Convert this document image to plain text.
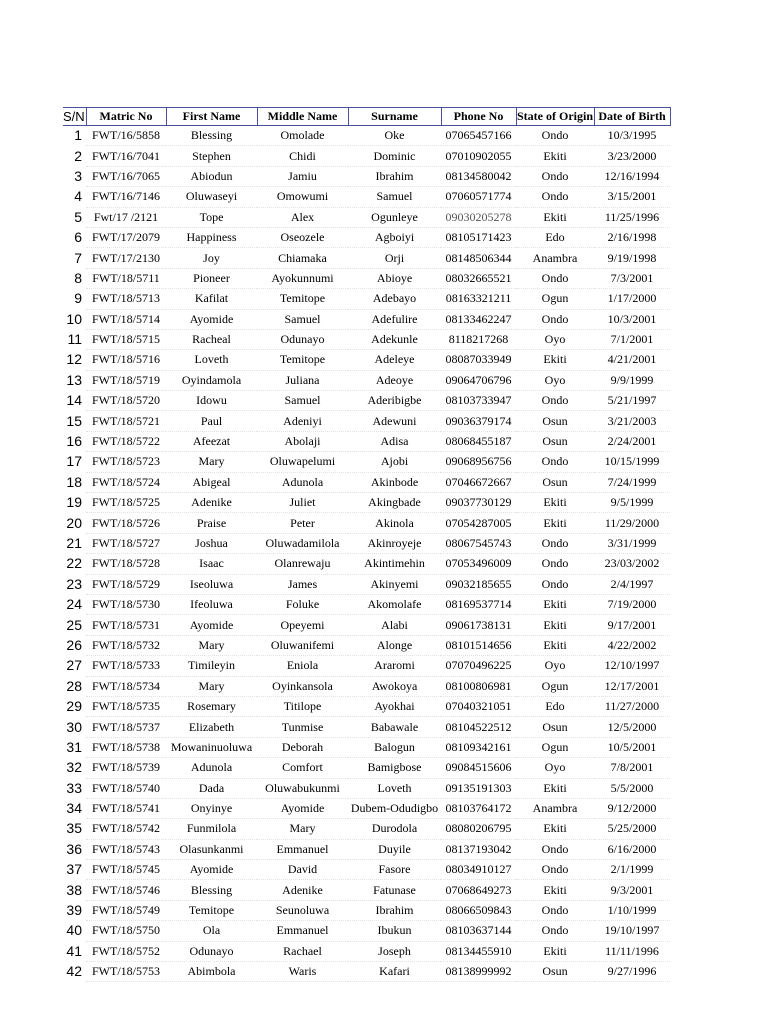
S/N	Matric No	First Name	Middle Name	Surname	Phone No	State of Origin	Date of Birth
1	FWT/16/5858	Blessing	Omolade	Oke	07065457166	Ondo	10/3/1995
2	FWT/16/7041	Stephen	Chidi	Dominic	07010902055	Ekiti	3/23/2000
3	FWT/16/7065	Abiodun	Jamiu	Ibrahim	08134580042	Ondo	12/16/1994
4	FWT/16/7146	Oluwaseyi	Omowumi	Samuel	07060571774	Ondo	3/15/2001
5	Fwt/17 /2121	Tope	Alex	Ogunleye	09030205278	Ekiti	11/25/1996
6	FWT/17/2079	Happiness	Oseozele	Agboiyi	08105171423	Edo	2/16/1998
7	FWT/17/2130	Joy	Chiamaka	Orji	08148506344	Anambra	9/19/1998
8	FWT/18/5711	Pioneer	Ayokunnumi	Abioye	08032665521	Ondo	7/3/2001
9	FWT/18/5713	Kafilat	Temitope	Adebayo	08163321211	Ogun	1/17/2000
10	FWT/18/5714	Ayomide	Samuel	Adefulire	08133462247	Ondo	10/3/2001
11	FWT/18/5715	Racheal	Odunayo	Adekunle	8118217268	Oyo	7/1/2001
12	FWT/18/5716	Loveth	Temitope	Adeleye	08087033949	Ekiti	4/21/2001
13	FWT/18/5719	Oyindamola	Juliana	Adeoye	09064706796	Oyo	9/9/1999
14	FWT/18/5720	Idowu	Samuel	Aderibigbe	08103733947	Ondo	5/21/1997
15	FWT/18/5721	Paul	Adeniyi	Adewuni	09036379174	Osun	3/21/2003
16	FWT/18/5722	Afeezat	Abolaji	Adisa	08068455187	Osun	2/24/2001
17	FWT/18/5723	Mary	Oluwapelumi	Ajobi	09068956756	Ondo	10/15/1999
18	FWT/18/5724	Abigeal	Adunola	Akinbode	07046672667	Osun	7/24/1999
19	FWT/18/5725	Adenike	Juliet	Akingbade	09037730129	Ekiti	9/5/1999
20	FWT/18/5726	Praise	Peter	Akinola	07054287005	Ekiti	11/29/2000
21	FWT/18/5727	Joshua	Oluwadamilola	Akinroyeje	08067545743	Ondo	3/31/1999
22	FWT/18/5728	Isaac	Olanrewaju	Akintimehin	07053496009	Ondo	23/03/2002
23	FWT/18/5729	Iseoluwa	James	Akinyemi	09032185655	Ondo	2/4/1997
24	FWT/18/5730	Ifeoluwa	Foluke	Akomolafe	08169537714	Ekiti	7/19/2000
25	FWT/18/5731	Ayomide	Opeyemi	Alabi	09061738131	Ekiti	9/17/2001
26	FWT/18/5732	Mary	Oluwanifemi	Alonge	08101514656	Ekiti	4/22/2002
27	FWT/18/5733	Timileyin	Eniola	Araromi	07070496225	Oyo	12/10/1997
28	FWT/18/5734	Mary	Oyinkansola	Awokoya	08100806981	Ogun	12/17/2001
29	FWT/18/5735	Rosemary	Titilope	Ayokhai	07040321051	Edo	11/27/2000
30	FWT/18/5737	Elizabeth	Tunmise	Babawale	08104522512	Osun	12/5/2000
31	FWT/18/5738	Mowaninuoluwa	Deborah	Balogun	08109342161	Ogun	10/5/2001
32	FWT/18/5739	Adunola	Comfort	Bamigbose	09084515606	Oyo	7/8/2001
33	FWT/18/5740	Dada	Oluwabukunmi	Loveth	09135191303	Ekiti	5/5/2000
34	FWT/18/5741	Onyinye	Ayomide	Dubem-Odudigbo	08103764172	Anambra	9/12/2000
35	FWT/18/5742	Funmilola	Mary	Durodola	08080206795	Ekiti	5/25/2000
36	FWT/18/5743	Olasunkanmi	Emmanuel	Duyile	08137193042	Ondo	6/16/2000
37	FWT/18/5745	Ayomide	David	Fasore	08034910127	Ondo	2/1/1999
38	FWT/18/5746	Blessing	Adenike	Fatunase	07068649273	Ekiti	9/3/2001
39	FWT/18/5749	Temitope	Seunoluwa	Ibrahim	08066509843	Ondo	1/10/1999
40	FWT/18/5750	Ola	Emmanuel	Ibukun	08103637144	Ondo	19/10/1997
41	FWT/18/5752	Odunayo	Rachael	Joseph	08134455910	Ekiti	11/11/1996
42	FWT/18/5753	Abimbola	Waris	Kafari	08138999992	Osun	9/27/1996
